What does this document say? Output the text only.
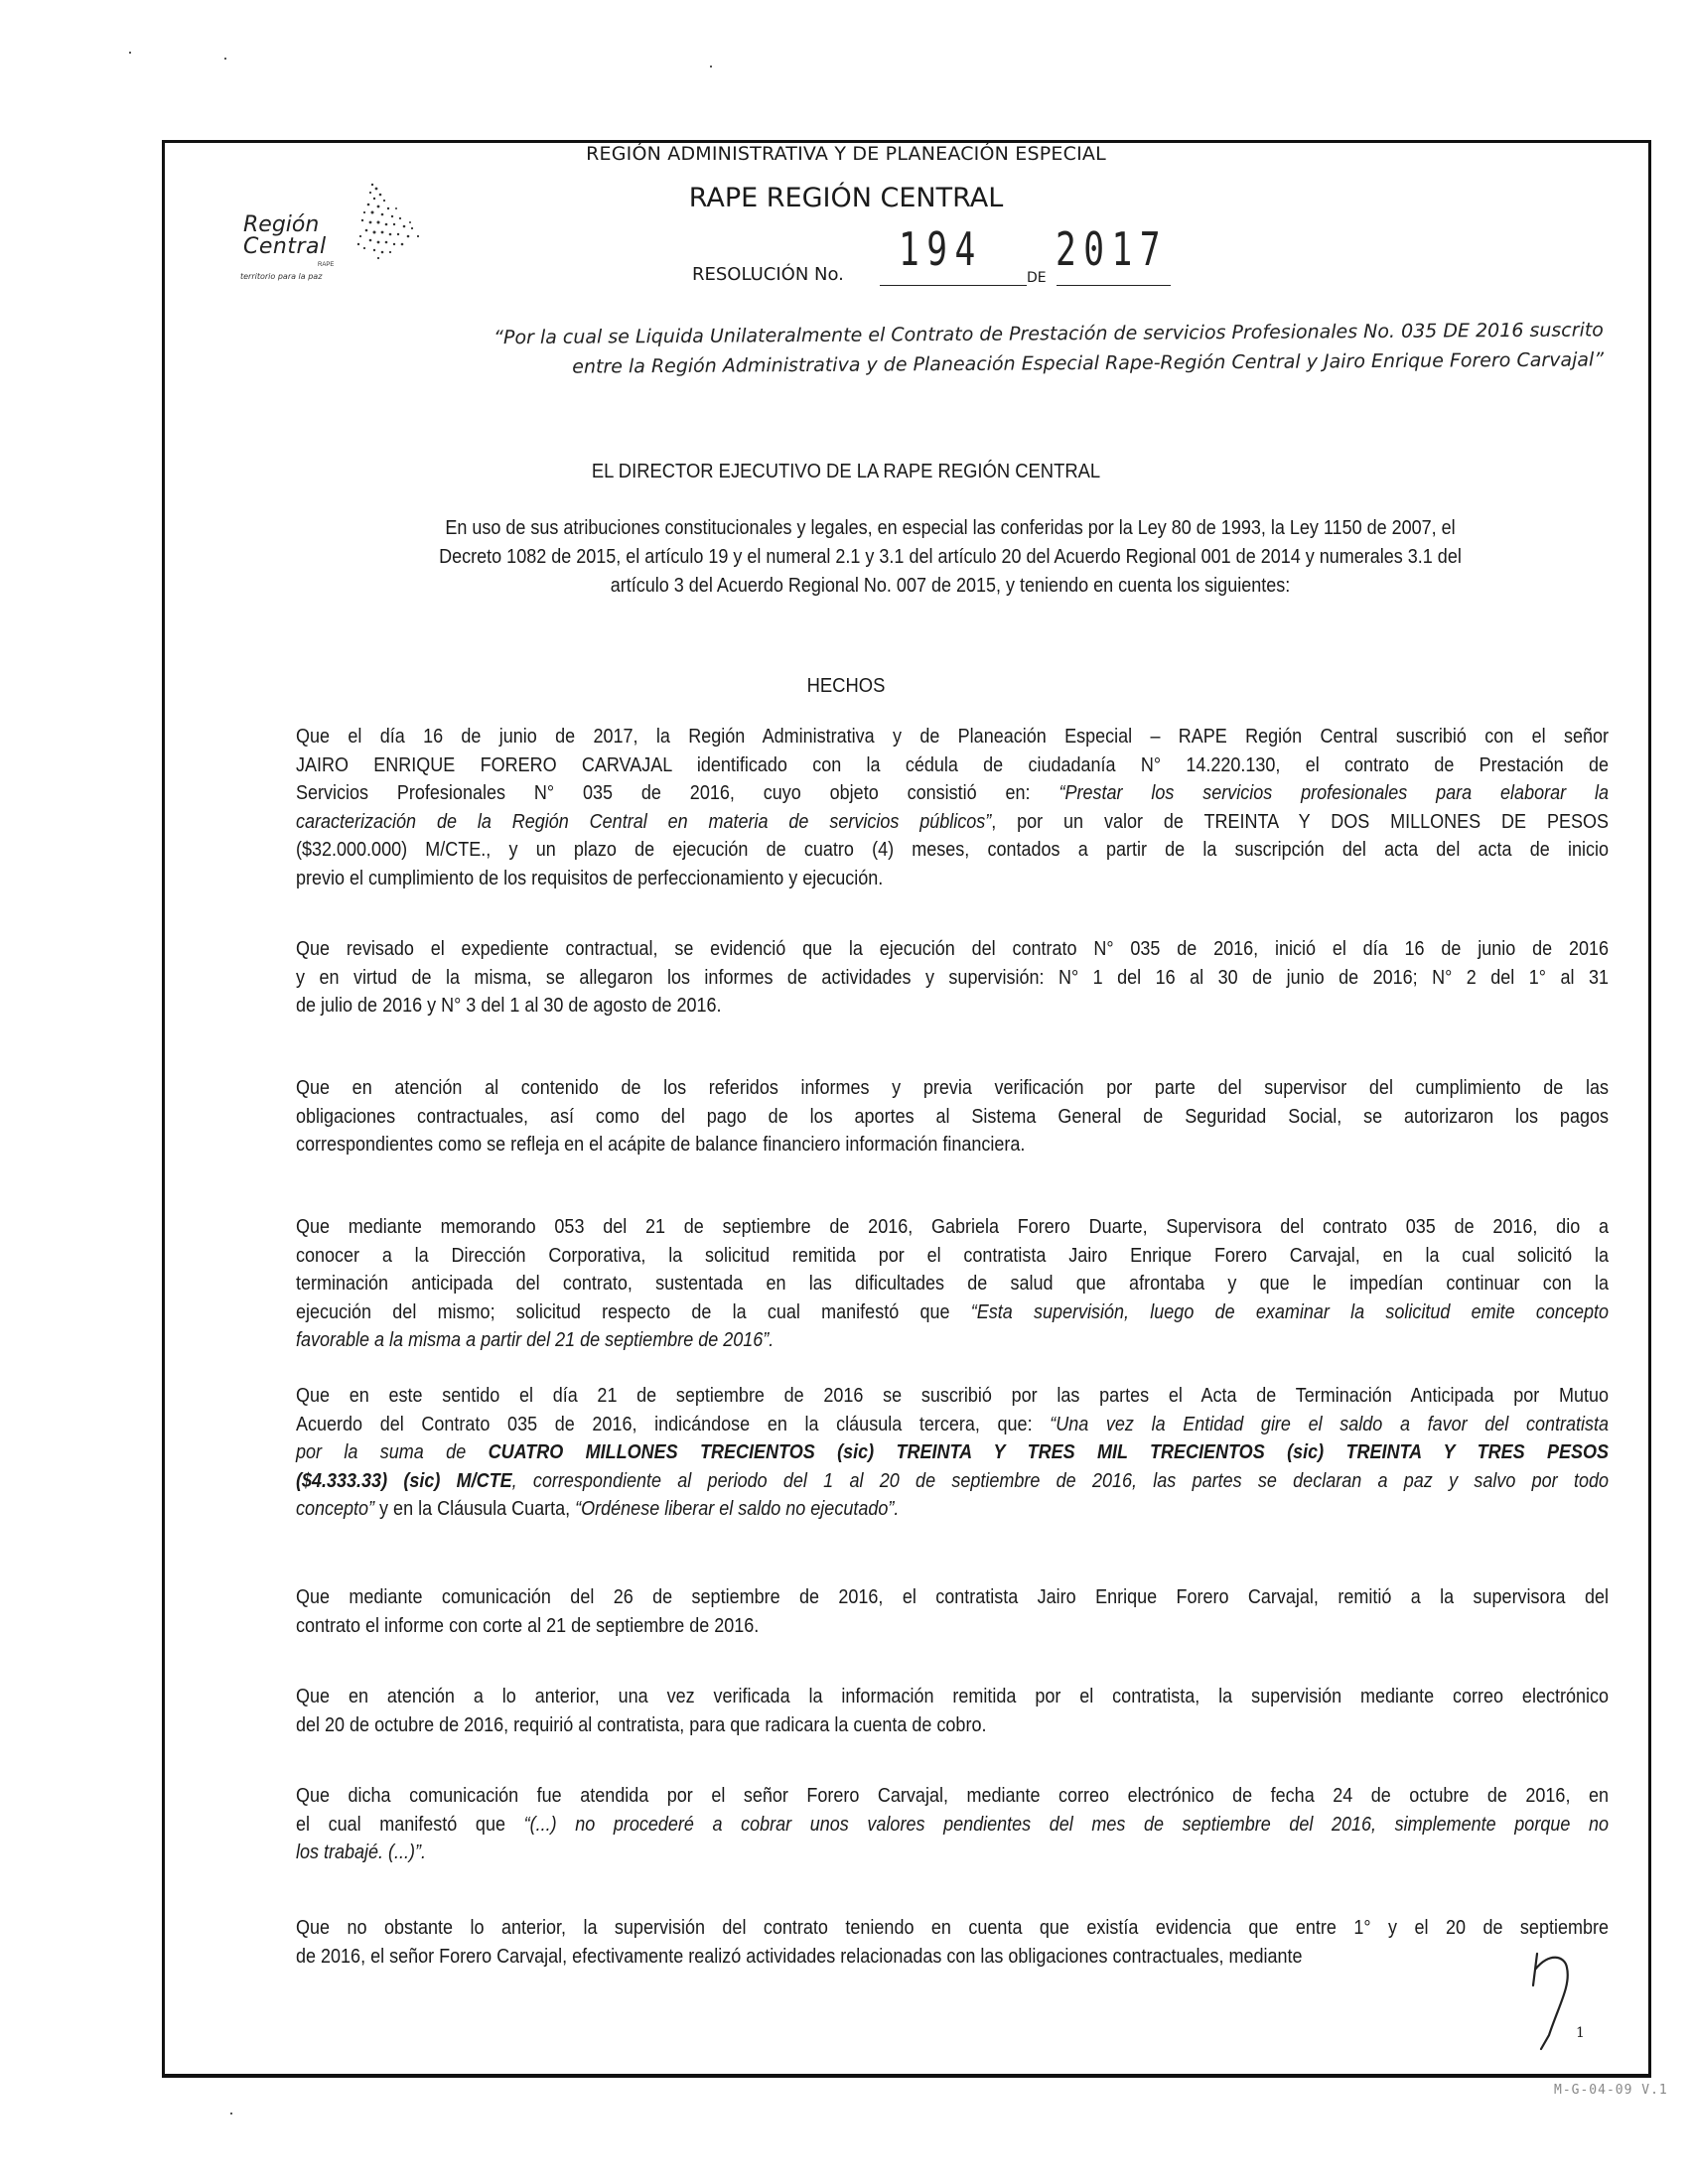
Región
Central
RAPE
territorio para la paz
REGIÓN ADMINISTRATIVA Y DE PLANEACIÓN ESPECIAL
RAPE REGIÓN CENTRAL
RESOLUCIÓN No. 194
DE
2017
“Por la cual se Liquida Unilateralmente el Contrato de Prestación de servicios Profesionales No. 035 DE 2016 suscrito
entre la Región Administrativa y de Planeación Especial Rape-Región Central y Jairo Enrique Forero Carvajal”
EL DIRECTOR EJECUTIVO DE LA RAPE REGIÓN CENTRAL
En uso de sus atribuciones constitucionales y legales, en especial las conferidas por la Ley 80 de 1993, la Ley 1150 de 2007, el
Decreto 1082 de 2015, el artículo 19 y el numeral 2.1 y 3.1 del artículo 20 del Acuerdo Regional 001 de 2014 y numerales 3.1 del
artículo 3 del Acuerdo Regional No. 007 de 2015, y teniendo en cuenta los siguientes:
HECHOS
Que el día 16 de junio de 2017, la Región Administrativa y de Planeación Especial – RAPE Región Central suscribió con el señor
JAIRO ENRIQUE FORERO CARVAJAL identificado con la cédula de ciudadanía N° 14.220.130, el contrato de Prestación de
Servicios Profesionales N° 035 de 2016, cuyo objeto consistió en: “Prestar los servicios profesionales para elaborar la
caracterización de la Región Central en materia de servicios públicos”, por un valor de TREINTA Y DOS MILLONES DE PESOS
($32.000.000) M/CTE., y un plazo de ejecución de cuatro (4) meses, contados a partir de la suscripción del acta del acta de inicio
previo el cumplimiento de los requisitos de perfeccionamiento y ejecución.
Que revisado el expediente contractual, se evidenció que la ejecución del contrato N° 035 de 2016, inició el día 16 de junio de 2016
y en virtud de la misma, se allegaron los informes de actividades y supervisión: N° 1 del 16 al 30 de junio de 2016; N° 2 del 1° al 31
de julio de 2016 y N° 3 del 1 al 30 de agosto de 2016.
Que en atención al contenido de los referidos informes y previa verificación por parte del supervisor del cumplimiento de las
obligaciones contractuales, así como del pago de los aportes al Sistema General de Seguridad Social, se autorizaron los pagos
correspondientes como se refleja en el acápite de balance financiero información financiera.
Que mediante memorando 053 del 21 de septiembre de 2016, Gabriela Forero Duarte, Supervisora del contrato 035 de 2016, dio a
conocer a la Dirección Corporativa, la solicitud remitida por el contratista Jairo Enrique Forero Carvajal, en la cual solicitó la
terminación anticipada del contrato, sustentada en las dificultades de salud que afrontaba y que le impedían continuar con la
ejecución del mismo; solicitud respecto de la cual manifestó que “Esta supervisión, luego de examinar la solicitud emite concepto
favorable a la misma a partir del 21 de septiembre de 2016”.
Que en este sentido el día 21 de septiembre de 2016 se suscribió por las partes el Acta de Terminación Anticipada por Mutuo
Acuerdo del Contrato 035 de 2016, indicándose en la cláusula tercera, que: “Una vez la Entidad gire el saldo a favor del contratista
por la suma de CUATRO MILLONES TRECIENTOS (sic) TREINTA Y TRES MIL TRECIENTOS (sic) TREINTA Y TRES PESOS
($4.333.33) (sic) M/CTE, correspondiente al periodo del 1 al 20 de septiembre de 2016, las partes se declaran a paz y salvo por todo
concepto” y en la Cláusula Cuarta, “Ordénese liberar el saldo no ejecutado”.
Que mediante comunicación del 26 de septiembre de 2016, el contratista Jairo Enrique Forero Carvajal, remitió a la supervisora del
contrato el informe con corte al 21 de septiembre de 2016.
Que en atención a lo anterior, una vez verificada la información remitida por el contratista, la supervisión mediante correo electrónico
del 20 de octubre de 2016, requirió al contratista, para que radicara la cuenta de cobro.
Que dicha comunicación fue atendida por el señor Forero Carvajal, mediante correo electrónico de fecha 24 de octubre de 2016, en
el cual manifestó que “(...) no procederé a cobrar unos valores pendientes del mes de septiembre del 2016, simplemente porque no
los trabajé. (...)”.
Que no obstante lo anterior, la supervisión del contrato teniendo en cuenta que existía evidencia que entre 1° y el 20 de septiembre
de 2016, el señor Forero Carvajal, efectivamente realizó actividades relacionadas con las obligaciones contractuales, mediante
1
M-G-04-09 V.1
